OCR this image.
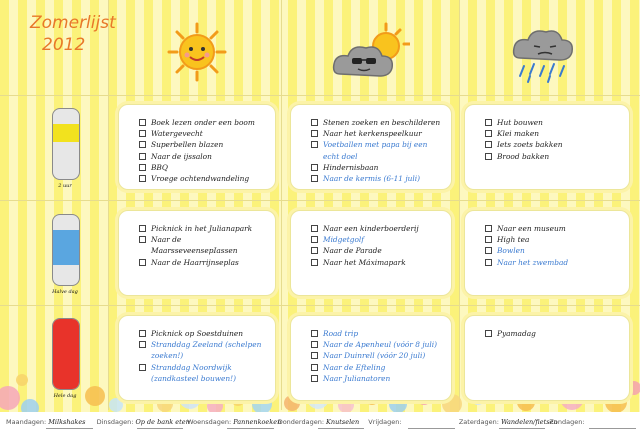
Zomerlijst
2012
2 uur
Halve dag
Hele dag
Boek lezen onder een boom
Watergevecht
Superbellen blazen
Naar de ijssalon
BBQ
Vroege ochtendwandeling
Stenen zoeken en beschilderen
Naar het kerkenspeelkuur
Voetballen met papa bij een echt doel
Hindernisbaan
Naar de kermis (6-11 juli)
Hut bouwen
Klei maken
Iets zoets bakken
Brood bakken
Picknick in het Julianapark
Naar de MaarsseveensepIassen
Naar de Haarrijnseplas
Naar een kinderboerderij
Midgetgolf
Naar de Parade
Naar het Máximapark
Naar een museum
High tea
Bowlen
Naar het zwembad
Picknick op Soestduinen
Stranddag Zeeland (schelpen zoeken!)
Stranddag Noordwijk (zandkasteel bouwen!)
Road trip
Naar de Apenheul (vóór 8 juli)
Naar Duinrell (vóór 20 juli)
Naar de Efteling
Naar Julianatoren
Pyamadag
Maandagen: Milkshakes Dinsdagen: Op de bank eten
Woensdagen: Pannenkoeken
Donderdagen: Knutselen Vrijdagen:	Zaterdagen: Wandelen/fietsen
Zondagen:
